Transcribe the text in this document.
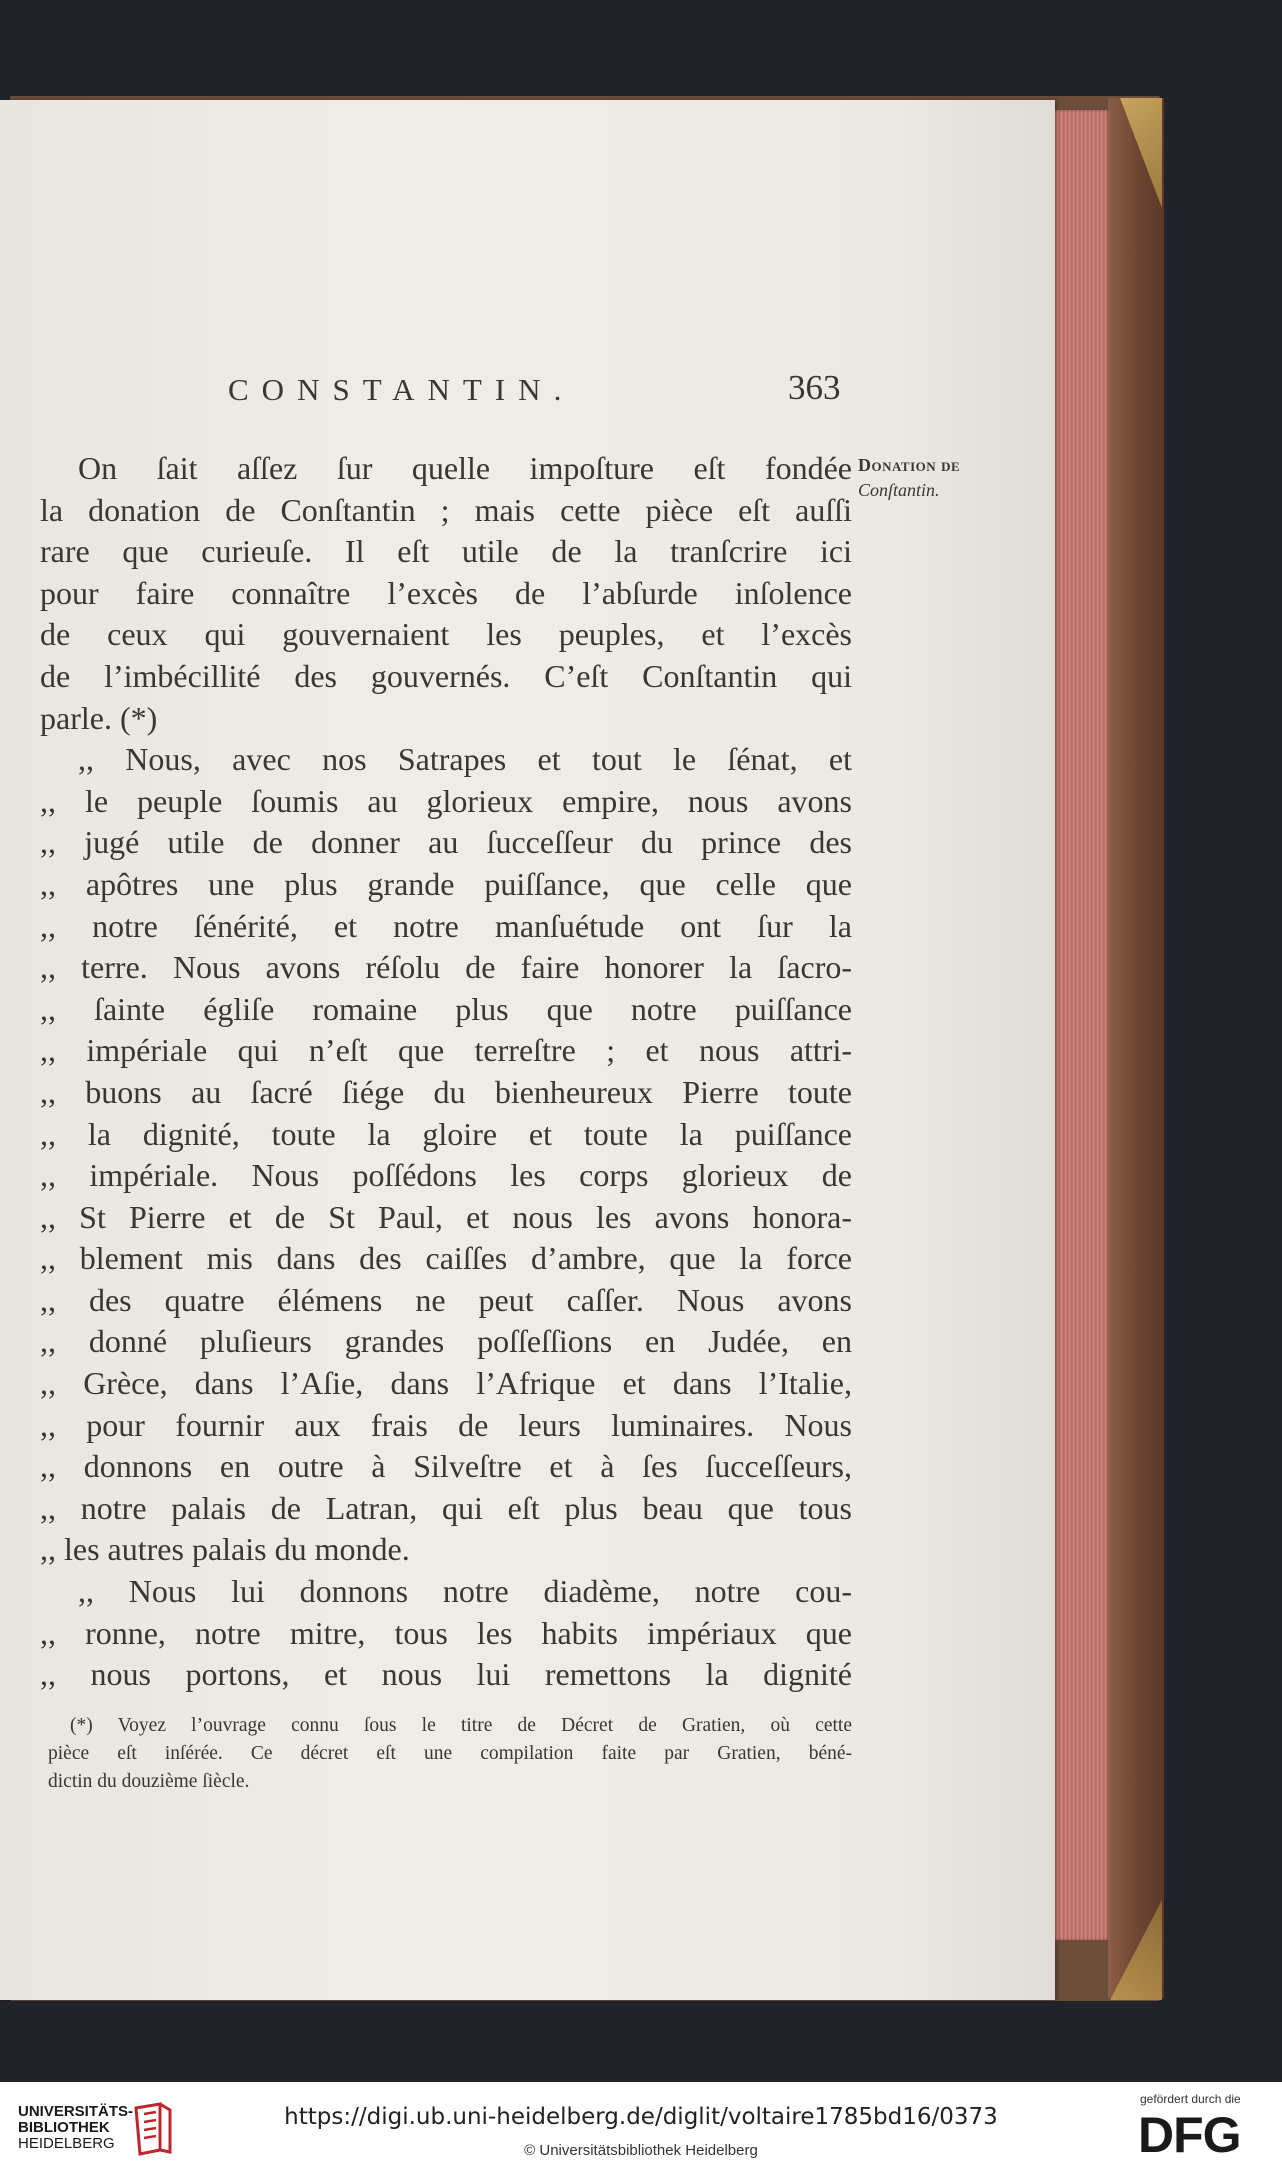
CONSTANTIN.	363
Donation de
Conſtantin.
On ſait aſſez ſur quelle impoſture eſt fondée
la donation de Conſtantin ; mais cette pièce eſt auſſi
rare que curieuſe. Il eſt utile de la tranſcrire ici
pour faire connaître l’excès de l’abſurde inſolence
de ceux qui gouvernaient les peuples, et l’excès
de l’imbécillité des gouvernés. C’eſt Conſtantin qui
parle. (*)
,, Nous, avec nos Satrapes et tout le ſénat, et
,, le peuple ſoumis au glorieux empire, nous avons
,, jugé utile de donner au ſucceſſeur du prince des
,, apôtres une plus grande puiſſance, que celle que
,, notre ſénérité, et notre manſuétude ont ſur la
,, terre. Nous avons réſolu de faire honorer la ſacro-
,, ſainte égliſe romaine plus que notre puiſſance
,, impériale qui n’eſt que terreſtre ; et nous attri-
,, buons au ſacré ſiége du bienheureux Pierre toute
,, la dignité, toute la gloire et toute la puiſſance
,, impériale. Nous poſſédons les corps glorieux de
,, St Pierre et de St Paul, et nous les avons honora-
,, blement mis dans des caiſſes d’ambre, que la force
,, des quatre élémens ne peut caſſer. Nous avons
,, donné pluſieurs grandes poſſeſſions en Judée, en
,, Grèce, dans l’Aſie, dans l’Afrique et dans l’Italie,
,, pour fournir aux frais de leurs luminaires. Nous
,, donnons en outre à Silveſtre et à ſes ſucceſſeurs,
,, notre palais de Latran, qui eſt plus beau que tous
,, les autres palais du monde.
,, Nous lui donnons notre diadème, notre cou-
,, ronne, notre mitre, tous les habits impériaux que
,, nous portons, et nous lui remettons la dignité
(*) Voyez l’ouvrage connu ſous le titre de Décret de Gratien, où cette
pièce eſt inſérée. Ce décret eſt une compilation faite par Gratien, béné-
dictin du douzième ſiècle.
UNIVERSITÄTS-
BIBLIOTHEK
HEIDELBERG
https://digi.ub.uni-heidelberg.de/diglit/voltaire1785bd16/0373
© Universitätsbibliothek Heidelberg
gefördert durch die
DFG
